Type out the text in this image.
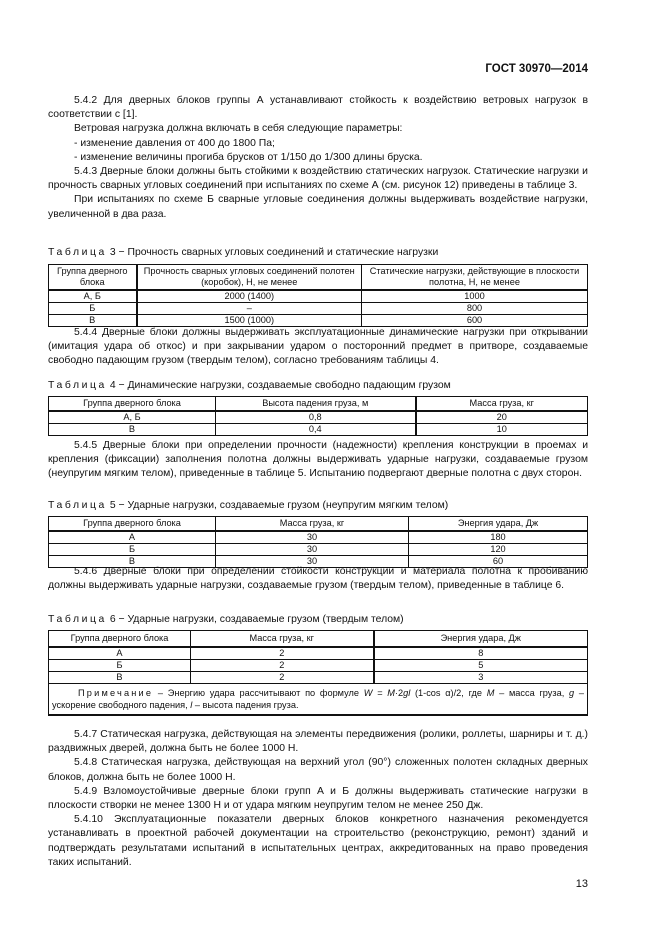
ГОСТ 30970—2014

5.4.2 Для дверных блоков группы А устанавливают стойкость к воздействию ветровых нагрузок в соответствии с [1].

Ветровая нагрузка должна включать в себя следующие параметры:

- изменение давления от 400 до 1800 Па;

- изменение величины прогиба брусков от 1/150 до 1/300 длины бруска.

5.4.3 Дверные блоки должны быть стойкими к воздействию статических нагрузок. Статические нагрузки и прочность сварных угловых соединений при испытаниях по схеме А (см. рисунок 12) приведены в таблице 3.

При испытаниях по схеме Б сварные угловые соединения должны выдерживать воздействие нагрузки, увеличенной в два раза.

Таблица 3 − Прочность сварных угловых соединений и статические нагрузки
Группа дверного блока	Прочность сварных угловых соединений полотен (коробок), Н, не менее	Статические нагрузки, действующие в плоскости полотна, Н, не менее
А, Б	2000 (1400)	1000
Б	–	800
В	1500 (1000)	600

5.4.4 Дверные блоки должны выдерживать эксплуатационные динамические нагрузки при открывании (имитация удара об откос) и при закрывании ударом о посторонний предмет в притворе, создаваемые свободно падающим грузом (твердым телом), согласно требованиям таблицы 4.

Таблица 4 − Динамические нагрузки, создаваемые свободно падающим грузом
Группа дверного блока	Высота падения груза, м	Масса груза, кг
А, Б	0,8	20
В	0,4	10

5.4.5 Дверные блоки при определении прочности (надежности) крепления конструкции в проемах и крепления (фиксации) заполнения полотна должны выдерживать ударные нагрузки, создаваемые грузом (неупругим мягким телом), приведенные в таблице 5. Испытанию подвергают дверные полотна с двух сторон.

Таблица 5 − Ударные нагрузки, создаваемые грузом (неупругим мягким телом)
Группа дверного блока	Масса груза, кг	Энергия удара, Дж
А	30	180
Б	30	120
В	30	60

5.4.6 Дверные блоки при определении стойкости конструкции и материала полотна к пробиванию должны выдерживать ударные нагрузки, создаваемые грузом (твердым телом), приведенные в таблице 6.

Таблица 6 − Ударные нагрузки, создаваемые грузом (твердым телом)
Группа дверного блока	Масса груза, кг	Энергия удара, Дж
А	2	8
Б	2	5
В	2	3
Примечание – Энергию удара рассчитывают по формуле W = M·2gl (1-cos α)/2, где M – масса груза, g – ускорение свободного падения, l – высота падения груза.		

5.4.7 Статическая нагрузка, действующая на элементы передвижения (ролики, роллеты, шарниры и т. д.) раздвижных дверей, должна быть не более 1000 Н.

5.4.8 Статическая нагрузка, действующая на верхний угол (90°) сложенных полотен складных дверных блоков, должна быть не более 1000 Н.

5.4.9 Взломоустойчивые дверные блоки групп А и Б должны выдерживать статические нагрузки в плоскости створки не менее 1300 Н и от удара мягким неупругим телом не менее 250 Дж.

5.4.10 Эксплуатационные показатели дверных блоков конкретного назначения рекомендуется устанавливать в проектной рабочей документации на строительство (реконструкцию, ремонт) зданий и подтверждать результатами испытаний в испытательных центрах, аккредитованных на право проведения таких испытаний.

13
